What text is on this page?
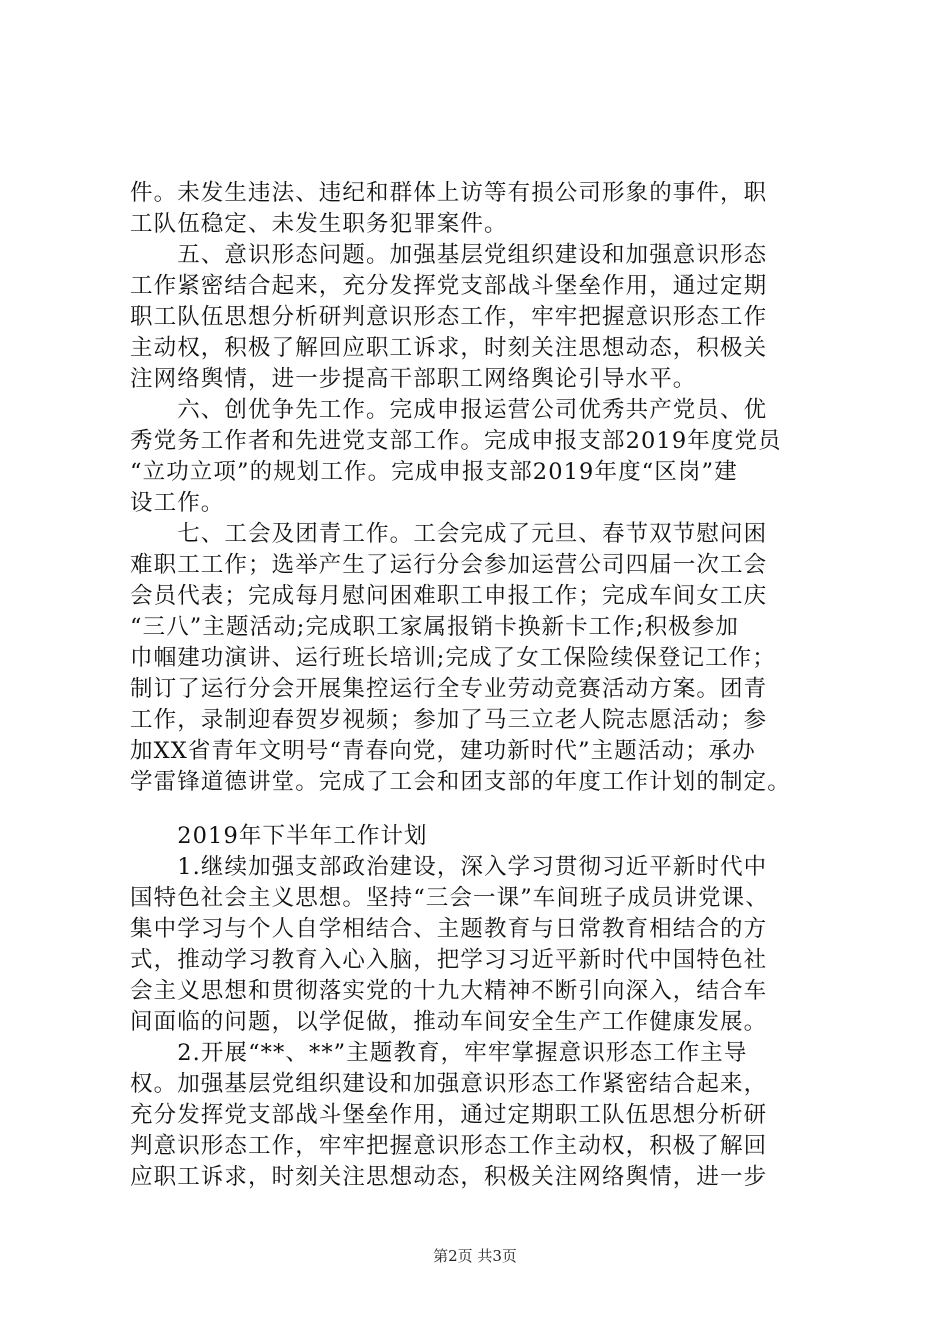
件。未发生违法、违纪和群体上访等有损公司形象的事件，职
工队伍稳定、未发生职务犯罪案件。
　　五、意识形态问题。加强基层党组织建设和加强意识形态
工作紧密结合起来，充分发挥党支部战斗堡垒作用，通过定期
职工队伍思想分析研判意识形态工作，牢牢把握意识形态工作
主动权，积极了解回应职工诉求，时刻关注思想动态，积极关
注网络舆情，进一步提高干部职工网络舆论引导水平。
　　六、创优争先工作。完成申报运营公司优秀共产党员、优
秀党务工作者和先进党支部工作。完成申报支部2019年度党员
“立功立项”的规划工作。完成申报支部2019年度“区岗”建
设工作。
　　七、工会及团青工作。工会完成了元旦、春节双节慰问困
难职工工作；选举产生了运行分会参加运营公司四届一次工会
会员代表；完成每月慰问困难职工申报工作；完成车间女工庆
“三八”主题活动;完成职工家属报销卡换新卡工作;积极参加
巾帼建功演讲、运行班长培训;完成了女工保险续保登记工作；
制订了运行分会开展集控运行全专业劳动竞赛活动方案。团青
工作，录制迎春贺岁视频；参加了马三立老人院志愿活动；参
加XX省青年文明号“青春向党，建功新时代”主题活动；承办
学雷锋道德讲堂。完成了工会和团支部的年度工作计划的制定。
　　2019年下半年工作计划
　　1.继续加强支部政治建设，深入学习贯彻习近平新时代中
国特色社会主义思想。坚持“三会一课”车间班子成员讲党课、
集中学习与个人自学相结合、主题教育与日常教育相结合的方
式，推动学习教育入心入脑，把学习习近平新时代中国特色社
会主义思想和贯彻落实党的十九大精神不断引向深入，结合车
间面临的问题，以学促做，推动车间安全生产工作健康发展。
　　2.开展“**、**”主题教育，牢牢掌握意识形态工作主导
权。加强基层党组织建设和加强意识形态工作紧密结合起来，
充分发挥党支部战斗堡垒作用，通过定期职工队伍思想分析研
判意识形态工作，牢牢把握意识形态工作主动权，积极了解回
应职工诉求，时刻关注思想动态，积极关注网络舆情，进一步
第2页 共3页
